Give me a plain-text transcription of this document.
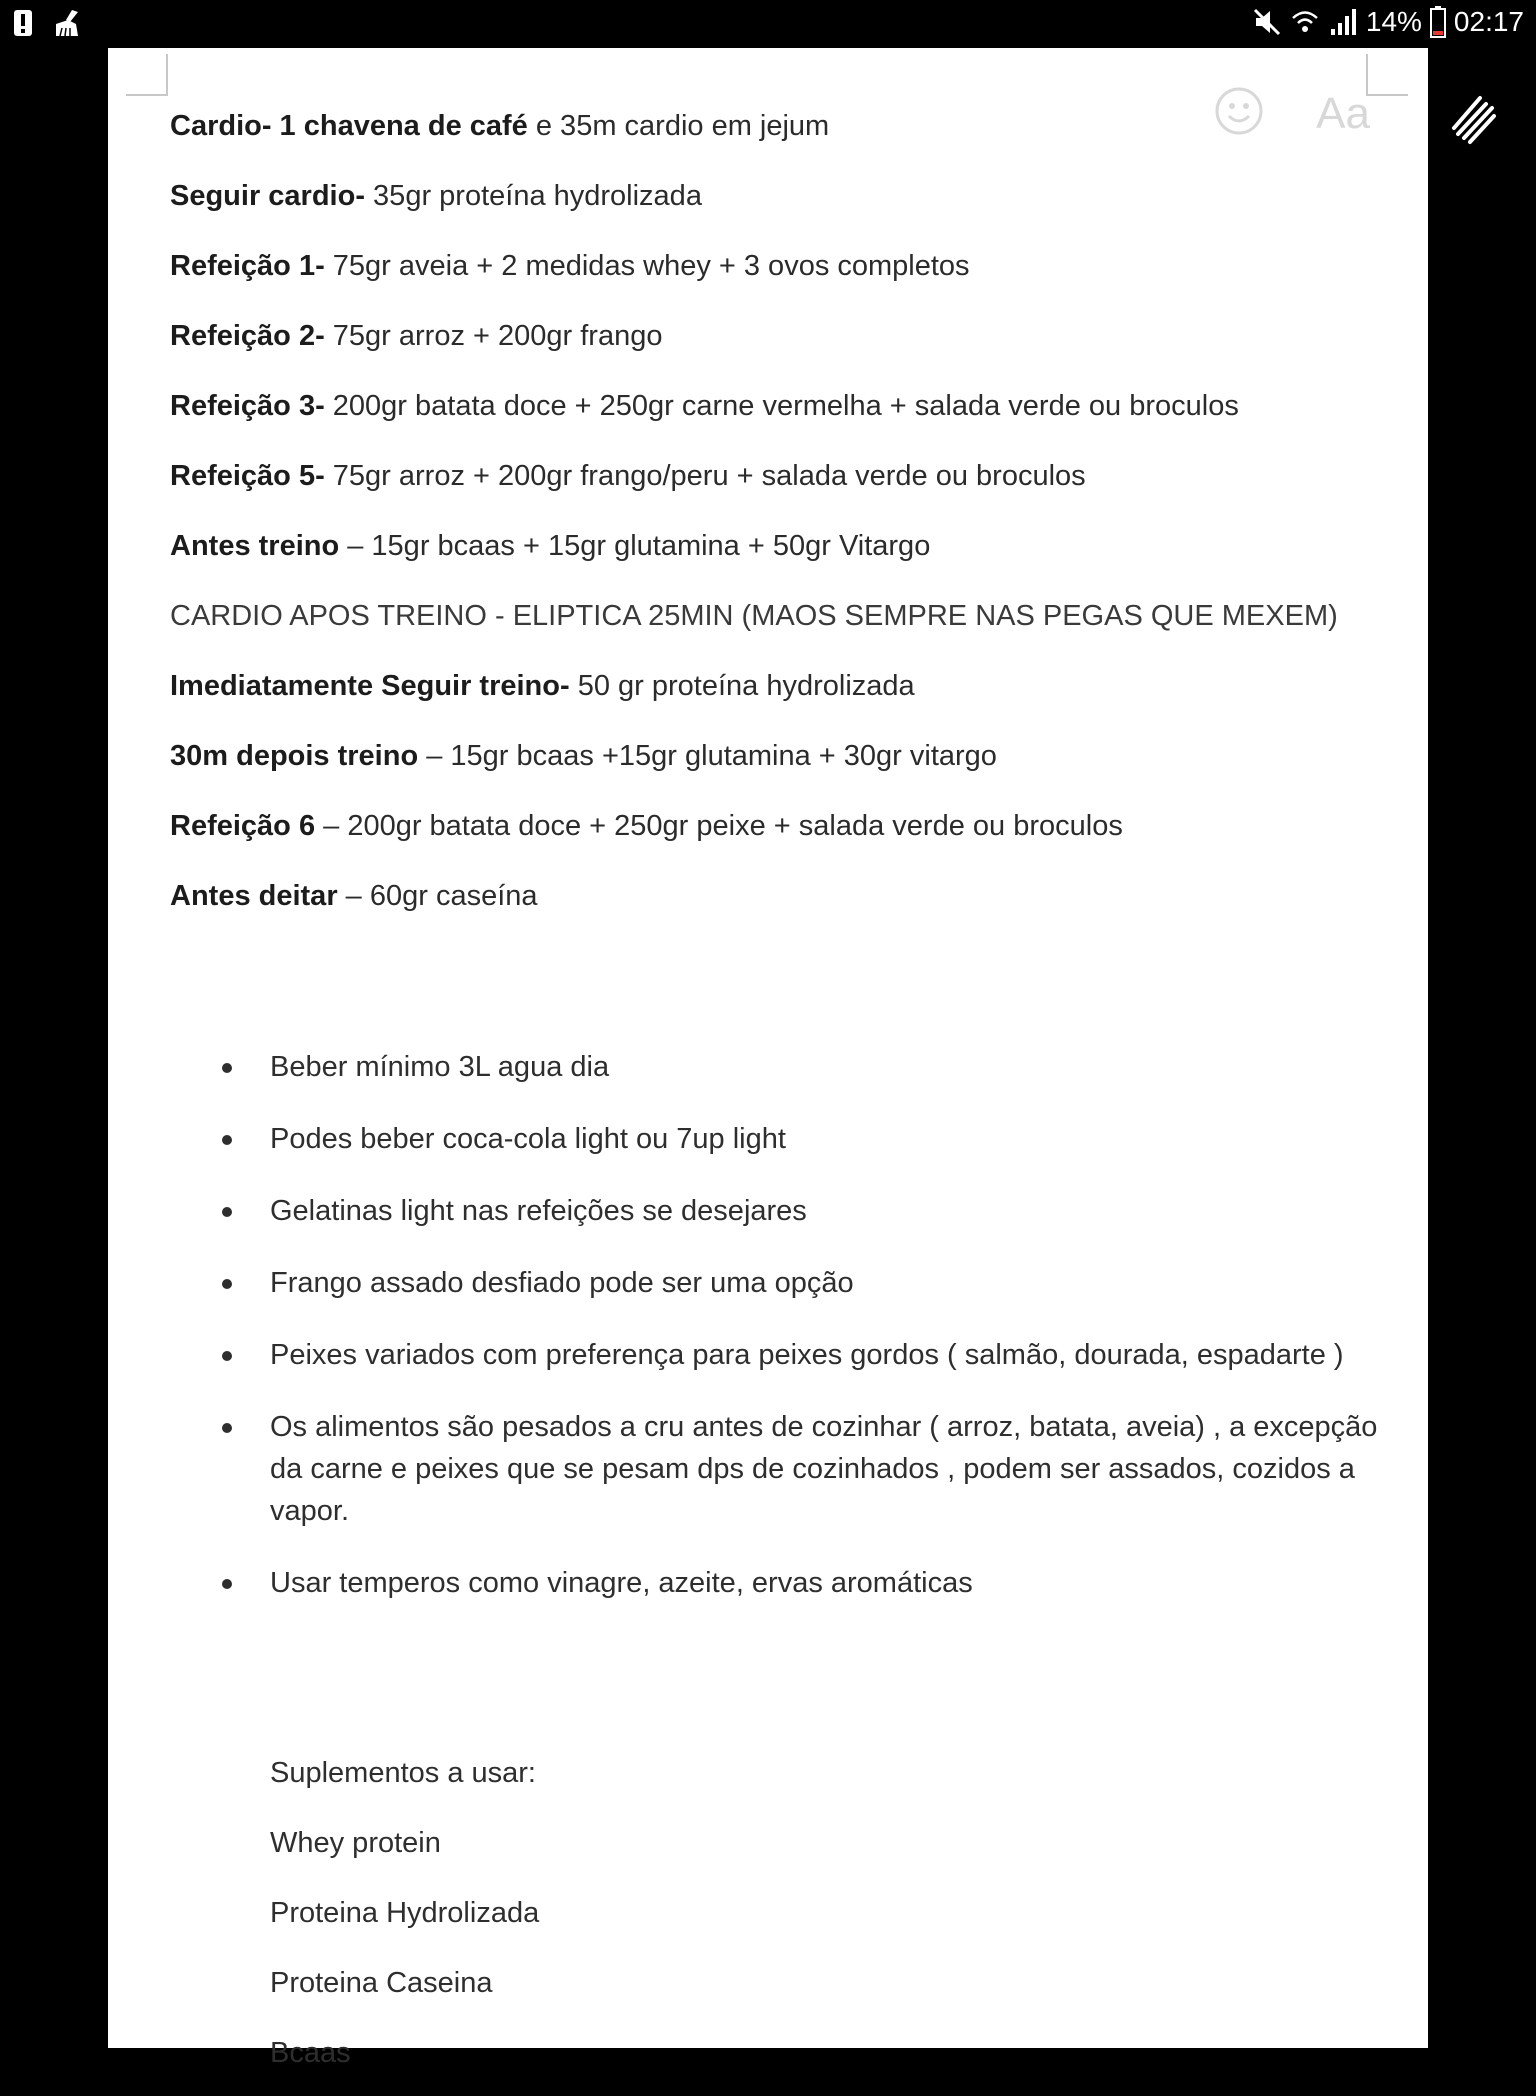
14% 02:17
Aa
Cardio- 1 chavena de café e 35m cardio em jejum
Seguir cardio- 35gr proteína hydrolizada
Refeição 1- 75gr aveia + 2 medidas whey + 3 ovos completos
Refeição 2- 75gr arroz + 200gr frango
Refeição 3- 200gr batata doce + 250gr carne vermelha + salada verde ou broculos
Refeição 5- 75gr arroz + 200gr frango/peru + salada verde ou broculos
Antes treino – 15gr bcaas + 15gr glutamina + 50gr Vitargo
CARDIO APOS TREINO - ELIPTICA 25MIN (MAOS SEMPRE NAS PEGAS QUE MEXEM)
Imediatamente Seguir treino- 50 gr proteína hydrolizada
30m depois treino – 15gr bcaas +15gr glutamina + 30gr vitargo
Refeição 6 – 200gr batata doce + 250gr peixe + salada verde ou broculos
Antes deitar – 60gr caseína
Beber mínimo 3L agua dia
Podes beber coca-cola light ou 7up light
Gelatinas light nas refeições se desejares
Frango assado desfiado pode ser uma opção
Peixes variados com preferença para peixes gordos ( salmão, dourada, espadarte )
Os alimentos são pesados a cru antes de cozinhar ( arroz, batata, aveia) , a excepção da carne e peixes que se pesam dps de cozinhados , podem ser assados, cozidos a vapor.
Usar temperos como vinagre, azeite, ervas aromáticas
Suplementos a usar:
Whey protein
Proteina Hydrolizada
Proteina Caseina
Bcaas
